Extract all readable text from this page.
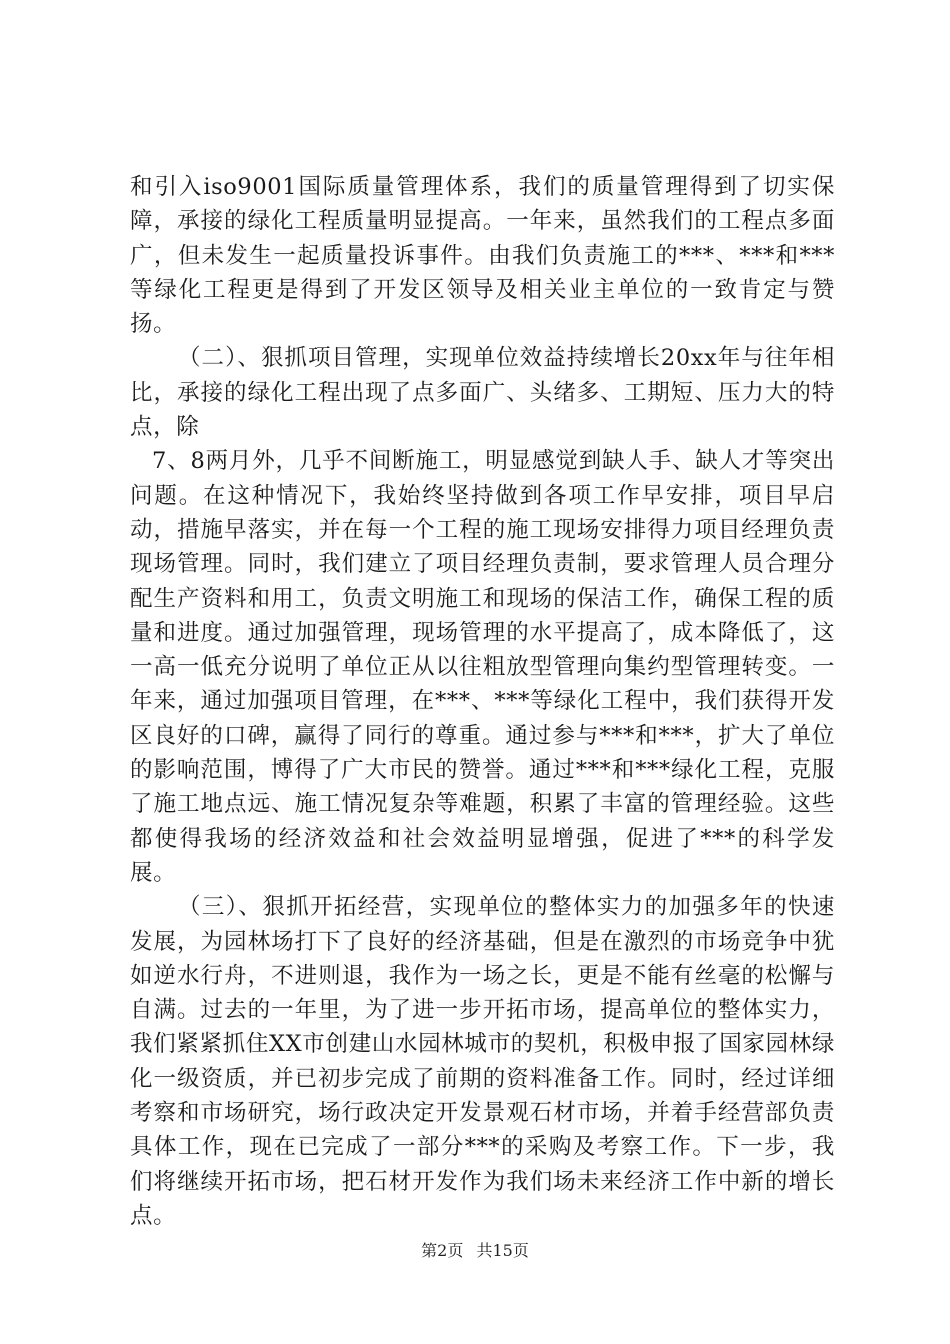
和引入iso9001国际质量管理体系，我们的质量管理得到了切实保障，承接的绿化工程质量明显提高。一年来，虽然我们的工程点多面广，但未发生一起质量投诉事件。由我们负责施工的***、***和***等绿化工程更是得到了开发区领导及相关业主单位的一致肯定与赞扬。

（二）、狠抓项目管理，实现单位效益持续增长20xx年与往年相比，承接的绿化工程出现了点多面广、头绪多、工期短、压力大的特点，除

7、8两月外，几乎不间断施工，明显感觉到缺人手、缺人才等突出问题。在这种情况下，我始终坚持做到各项工作早安排，项目早启动，措施早落实，并在每一个工程的施工现场安排得力项目经理负责现场管理。同时，我们建立了项目经理负责制，要求管理人员合理分配生产资料和用工，负责文明施工和现场的保洁工作，确保工程的质量和进度。通过加强管理，现场管理的水平提高了，成本降低了，这一高一低充分说明了单位正从以往粗放型管理向集约型管理转变。一年来，通过加强项目管理，在***、***等绿化工程中，我们获得开发区良好的口碑，赢得了同行的尊重。通过参与***和***，扩大了单位的影响范围，博得了广大市民的赞誉。通过***和***绿化工程，克服了施工地点远、施工情况复杂等难题，积累了丰富的管理经验。这些都使得我场的经济效益和社会效益明显增强，促进了***的科学发展。

（三）、狠抓开拓经营，实现单位的整体实力的加强多年的快速发展，为园林场打下了良好的经济基础，但是在激烈的市场竞争中犹如逆水行舟，不进则退，我作为一场之长，更是不能有丝毫的松懈与自满。过去的一年里，为了进一步开拓市场，提高单位的整体实力，我们紧紧抓住XX市创建山水园林城市的契机，积极申报了国家园林绿化一级资质，并已初步完成了前期的资料准备工作。同时，经过详细考察和市场研究，场行政决定开发景观石材市场，并着手经营部负责具体工作，现在已完成了一部分***的采购及考察工作。下一步，我们将继续开拓市场，把石材开发作为我们场未来经济工作中新的增长点。

第2页 共15页
